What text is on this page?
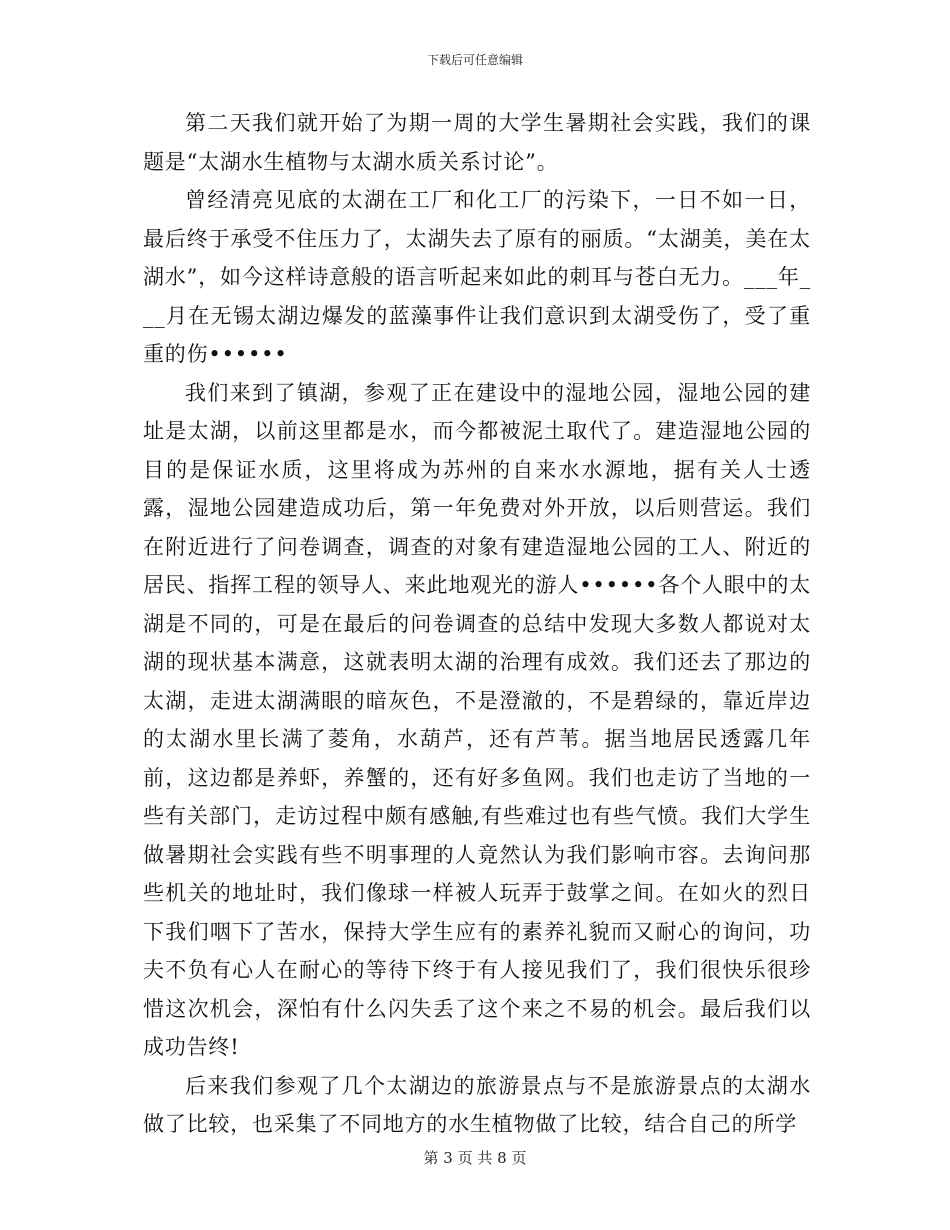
下载后可任意编辑

第二天我们就开始了为期一周的大学生暑期社会实践，我们的课题是“太湖水生植物与太湖水质关系讨论”。

曾经清亮见底的太湖在工厂和化工厂的污染下，一日不如一日，最后终于承受不住压力了，太湖失去了原有的丽质。“太湖美，美在太湖水”，如今这样诗意般的语言听起来如此的刺耳与苍白无力。___年___月在无锡太湖边爆发的蓝藻事件让我们意识到太湖受伤了，受了重重的伤••••••

我们来到了镇湖，参观了正在建设中的湿地公园，湿地公园的建址是太湖，以前这里都是水，而今都被泥土取代了。建造湿地公园的目的是保证水质，这里将成为苏州的自来水水源地，据有关人士透露，湿地公园建造成功后，第一年免费对外开放，以后则营运。我们在附近进行了问卷调查，调查的对象有建造湿地公园的工人、附近的居民、指挥工程的领导人、来此地观光的游人••••••各个人眼中的太湖是不同的，可是在最后的问卷调查的总结中发现大多数人都说对太湖的现状基本满意，这就表明太湖的治理有成效。我们还去了那边的太湖，走进太湖满眼的暗灰色，不是澄澈的，不是碧绿的，靠近岸边的太湖水里长满了菱角，水葫芦，还有芦苇。据当地居民透露几年前，这边都是养虾，养蟹的，还有好多鱼网。我们也走访了当地的一些有关部门，走访过程中颇有感触,有些难过也有些气愤。我们大学生做暑期社会实践有些不明事理的人竟然认为我们影响市容。去询问那些机关的地址时，我们像球一样被人玩弄于鼓掌之间。在如火的烈日下我们咽下了苦水，保持大学生应有的素养礼貌而又耐心的询问，功夫不负有心人在耐心的等待下终于有人接见我们了，我们很快乐很珍惜这次机会，深怕有什么闪失丢了这个来之不易的机会。最后我们以成功告终!

后来我们参观了几个太湖边的旅游景点与不是旅游景点的太湖水做了比较，也采集了不同地方的水生植物做了比较，结合自己的所学

第 3 页 共 8 页
